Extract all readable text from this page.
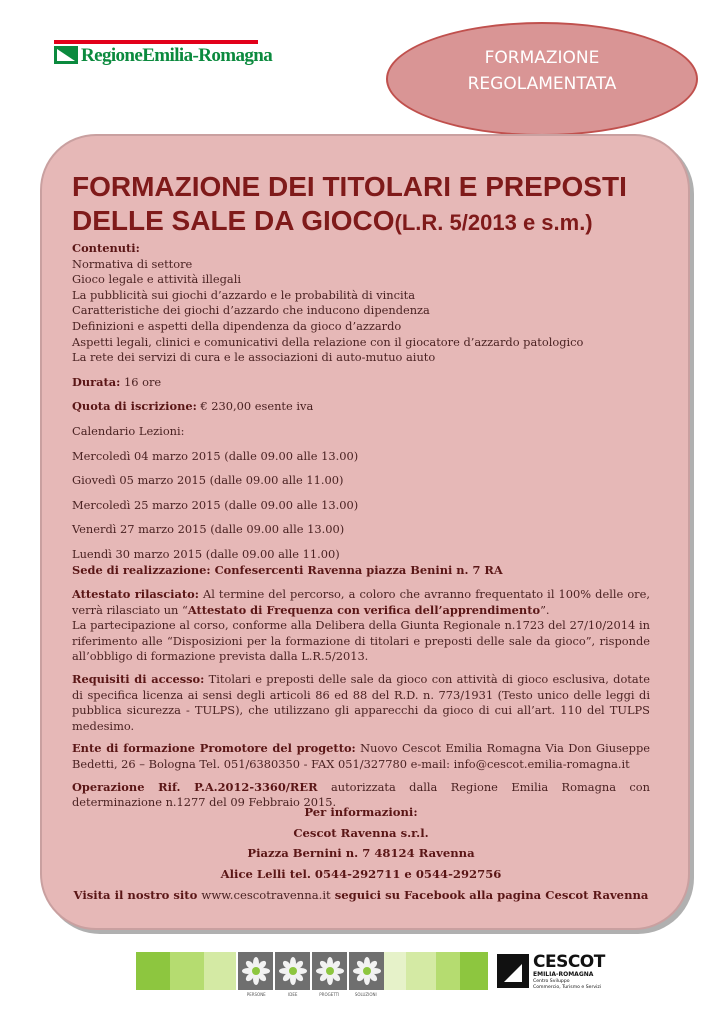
RegioneEmilia-Romagna	FORMAZIONE
REGOLAMENTATA
FORMAZIONE DEI TITOLARI E PREPOSTI
DELLE SALE DA GIOCO(L.R. 5/2013 e s.m.)
Contenuti:
Normativa di settore
Gioco legale e attività illegali
La pubblicità sui giochi d’azzardo e le probabilità di vincita
Caratteristiche dei giochi d’azzardo che inducono dipendenza
Definizioni e aspetti della dipendenza da gioco d’azzardo
Aspetti legali, clinici e comunicativi della relazione con il giocatore d’azzardo patologico
La rete dei servizi di cura e le associazioni di auto-mutuo aiuto
Durata: 16 ore
Quota di iscrizione: € 230,00 esente iva
Calendario Lezioni:
Mercoledì 04 marzo 2015 (dalle 09.00 alle 13.00)
Giovedì 05 marzo 2015 (dalle 09.00 alle 11.00)
Mercoledì 25 marzo 2015 (dalle 09.00 alle 13.00)
Venerdì 27 marzo 2015 (dalle 09.00 alle 13.00)
Luendì 30 marzo 2015 (dalle 09.00 alle 11.00)
Sede di realizzazione: Confesercenti Ravenna piazza Benini n. 7 RA
Attestato rilasciato: Al termine del percorso, a coloro che avranno frequentato il 100% delle ore, verrà rilasciato un “Attestato di Frequenza con verifica dell’apprendimento”.
La partecipazione al corso, conforme alla Delibera della Giunta Regionale n.1723 del 27/10/2014 in riferimento alle “Disposizioni per la formazione di titolari e preposti delle sale da gioco”, risponde all’obbligo di formazione prevista dalla L.R.5/2013.
Requisiti di accesso: Titolari e preposti delle sale da gioco con attività di gioco esclusiva, dotate di specifica licenza ai sensi degli articoli 86 ed 88 del R.D. n. 773/1931 (Testo unico delle leggi di pubblica sicurezza - TULPS), che utilizzano gli apparecchi da gioco di cui all’art. 110 del TULPS medesimo.
Ente di formazione Promotore del progetto: Nuovo Cescot Emilia Romagna Via Don Giuseppe Bedetti, 26 – Bologna Tel. 051/6380350 - FAX 051/327780 e-mail: info@cescot.emilia-romagna.it
Operazione Rif. P.A.2012-3360/RER autorizzata dalla Regione Emilia Romagna con determinazione n.1277 del 09 Febbraio 2015.
Per informazioni:
Cescot Ravenna s.r.l.
Piazza Bernini n. 7 48124 Ravenna
Alice Lelli tel. 0544-292711 e 0544-292756
Visita il nostro sito www.cescotravenna.it seguici su Facebook alla pagina Cescot Ravenna
PERSONE	IDEE	PROGETTI	SOLUZIONI
CESCOT
EMILIA-ROMAGNA
Centro Sviluppo
Commercio, Turismo e Servizi
